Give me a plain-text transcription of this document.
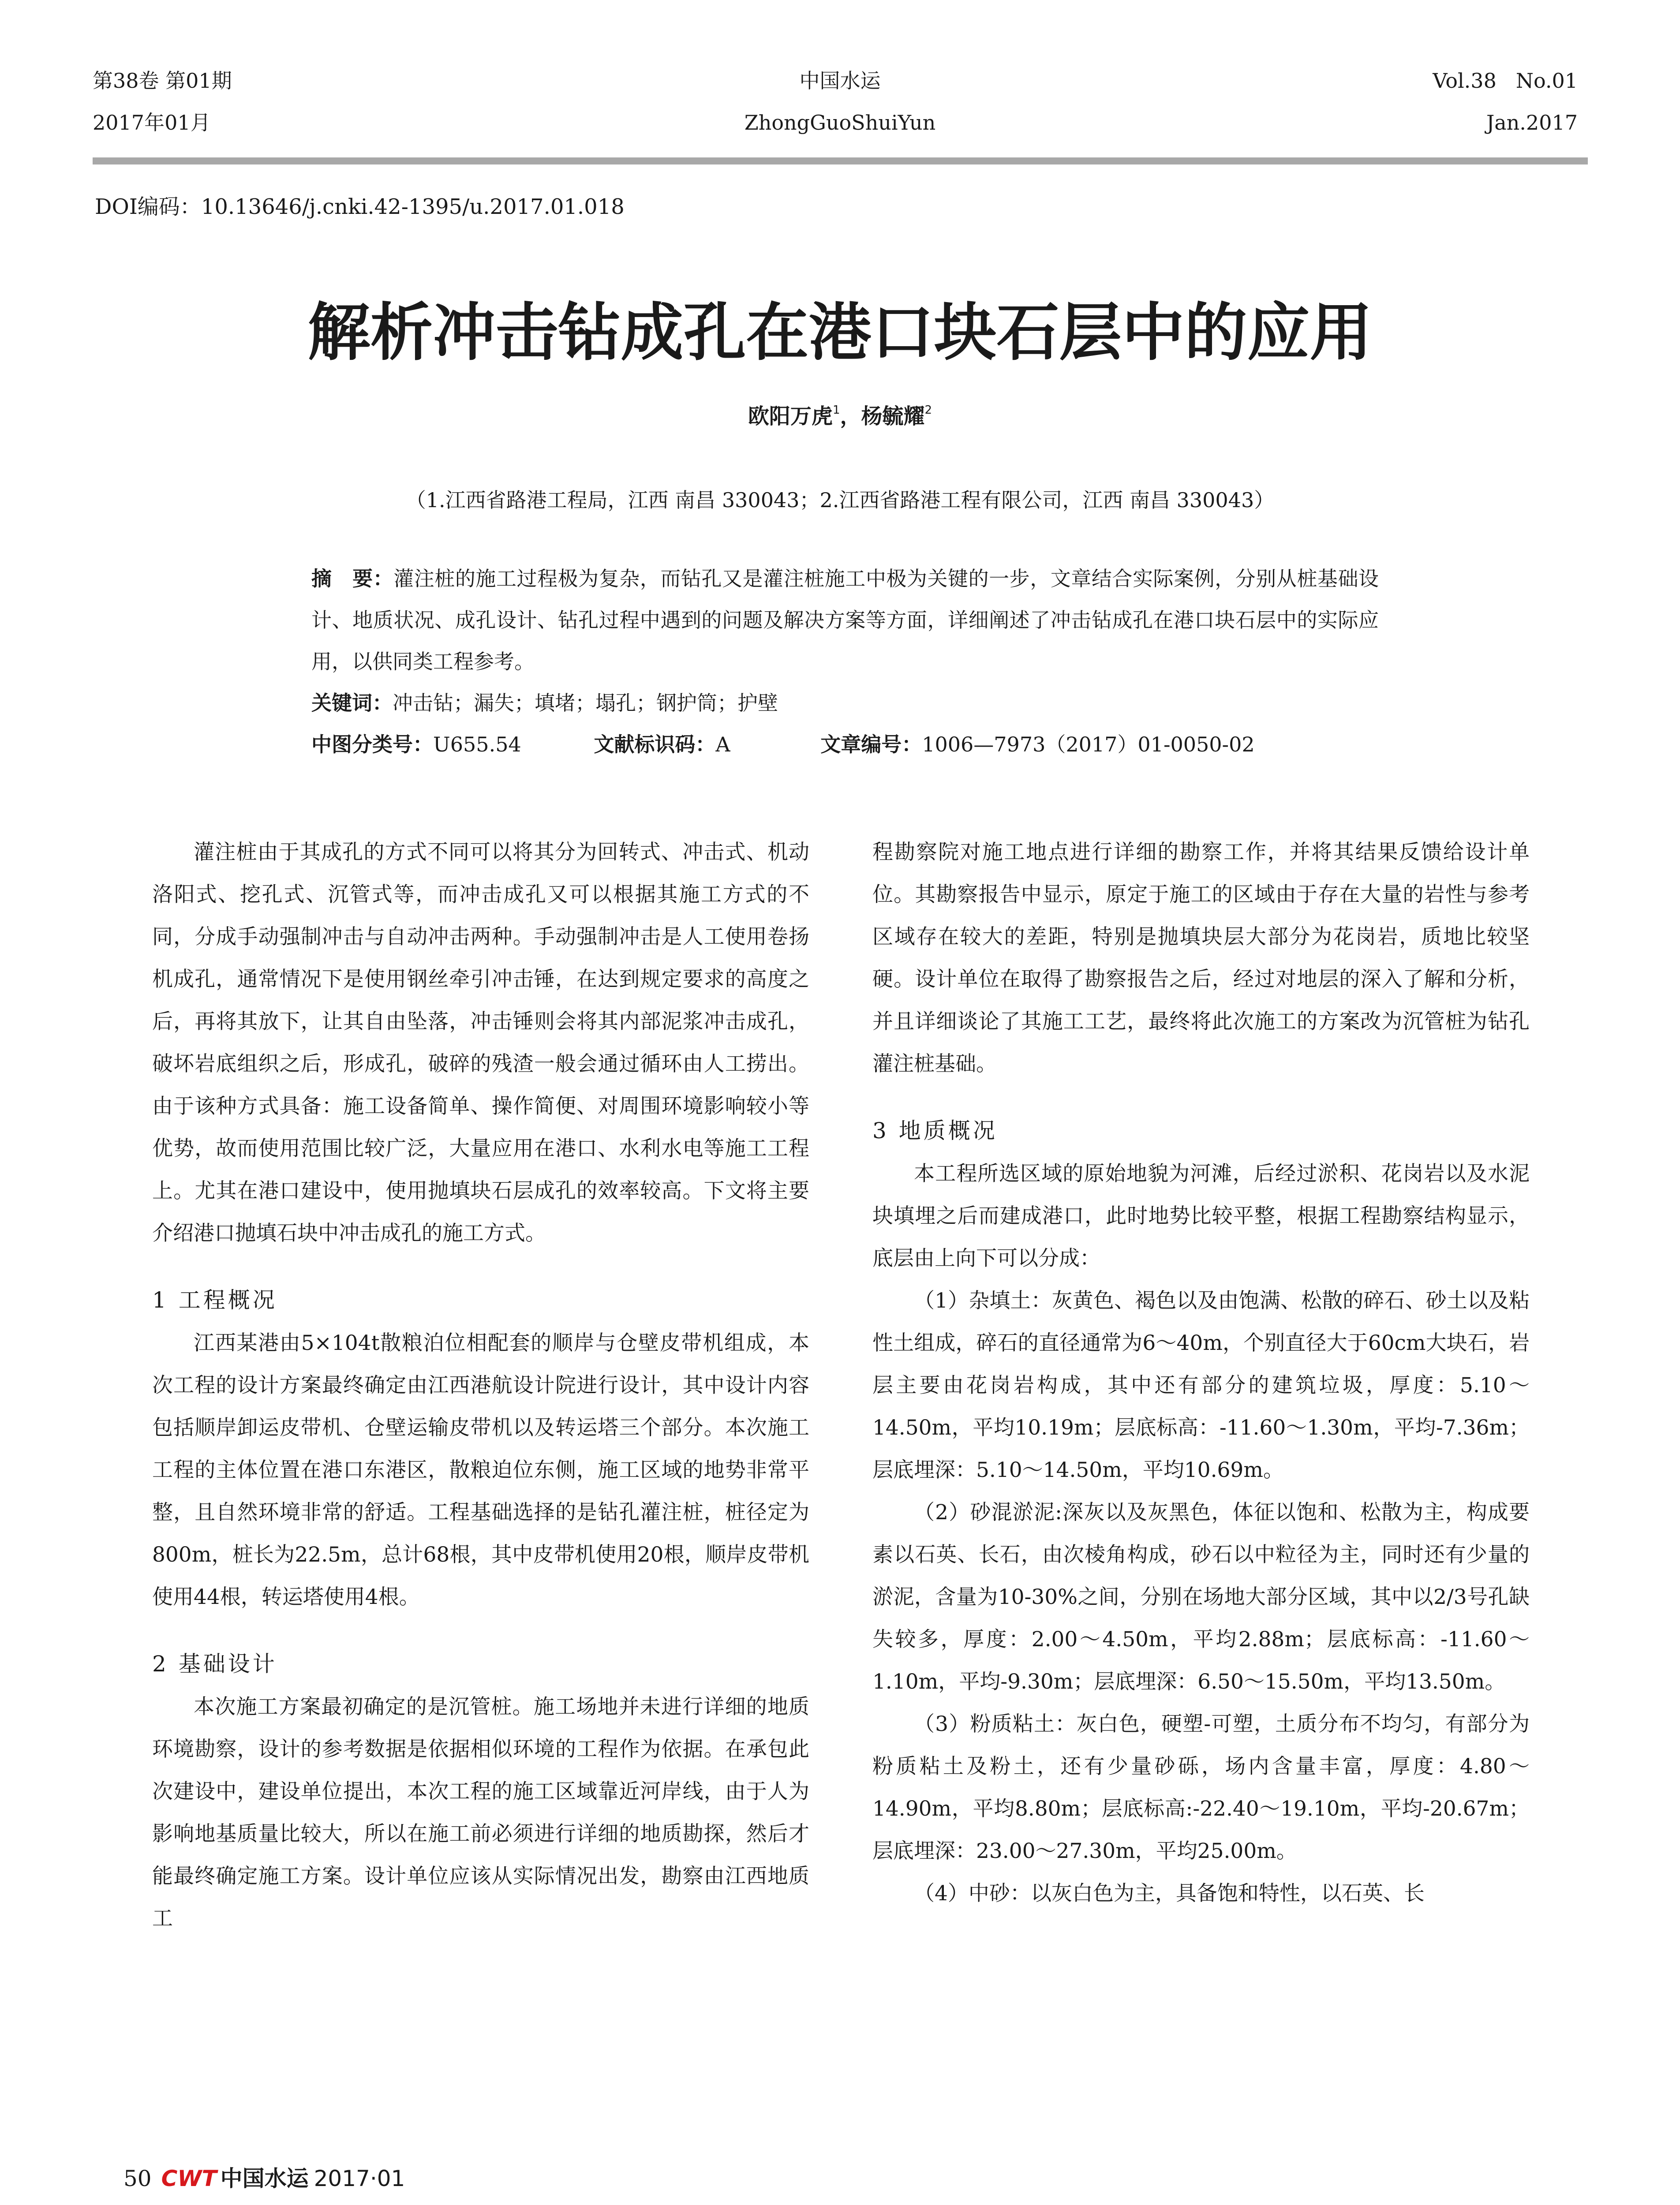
第38卷 第01期
2017年01月
中国水运
ZhongGuoShuiYun
Vol.38   No.01
Jan.2017
DOI编码：10.13646/j.cnki.42-1395/u.2017.01.018
解析冲击钻成孔在港口块石层中的应用
欧阳万虎$^1$，杨毓耀$^2$
（1.江西省路港工程局，江西 南昌 330043；2.江西省路港工程有限公司，江西 南昌 330043）
摘　要：灌注桩的施工过程极为复杂，而钻孔又是灌注桩施工中极为关键的一步，文章结合实际案例，分别从桩基础设计、地质状况、成孔设计、钻孔过程中遇到的问题及解决方案等方面，详细阐述了冲击钻成孔在港口块石层中的实际应用，以供同类工程参考。
关键词：冲击钻；漏失；填堵；塌孔；钢护筒；护壁
中图分类号：U655.54	文献标识码：A	文章编号：1006—7973（2017）01-0050-02

灌注桩由于其成孔的方式不同可以将其分为回转式、冲击式、机动洛阳式、挖孔式、沉管式等，而冲击成孔又可以根据其施工方式的不同，分成手动强制冲击与自动冲击两种。手动强制冲击是人工使用卷扬机成孔，通常情况下是使用钢丝牵引冲击锤，在达到规定要求的高度之后，再将其放下，让其自由坠落，冲击锤则会将其内部泥浆冲击成孔，破坏岩底组织之后，形成孔，破碎的残渣一般会通过循环由人工捞出。由于该种方式具备：施工设备简单、操作简便、对周围环境影响较小等优势，故而使用范围比较广泛，大量应用在港口、水利水电等施工工程上。尤其在港口建设中，使用抛填块石层成孔的效率较高。下文将主要介绍港口抛填石块中冲击成孔的施工方式。

1 工程概况

江西某港由5×104t散粮泊位相配套的顺岸与仓壁皮带机组成，本次工程的设计方案最终确定由江西港航设计院进行设计，其中设计内容包括顺岸卸运皮带机、仓壁运输皮带机以及转运塔三个部分。本次施工工程的主体位置在港口东港区，散粮迫位东侧，施工区域的地势非常平整，且自然环境非常的舒适。工程基础选择的是钻孔灌注桩，桩径定为800m，桩长为22.5m，总计68根，其中皮带机使用20根，顺岸皮带机使用44根，转运塔使用4根。

2 基础设计

本次施工方案最初确定的是沉管桩。施工场地并未进行详细的地质环境勘察，设计的参考数据是依据相似环境的工程作为依据。在承包此次建设中，建设单位提出，本次工程的施工区域靠近河岸线，由于人为影响地基质量比较大，所以在施工前必须进行详细的地质勘探，然后才能最终确定施工方案。设计单位应该从实际情况出发，勘察由江西地质工

程勘察院对施工地点进行详细的勘察工作，并将其结果反馈给设计单位。其勘察报告中显示，原定于施工的区域由于存在大量的岩性与参考区域存在较大的差距，特别是抛填块层大部分为花岗岩，质地比较坚硬。设计单位在取得了勘察报告之后，经过对地层的深入了解和分析，并且详细谈论了其施工工艺，最终将此次施工的方案改为沉管桩为钻孔灌注桩基础。

3 地质概况

本工程所选区域的原始地貌为河滩，后经过淤积、花岗岩以及水泥块填埋之后而建成港口，此时地势比较平整，根据工程勘察结构显示，底层由上向下可以分成：

（1）杂填土：灰黄色、褐色以及由饱满、松散的碎石、砂土以及粘性土组成，碎石的直径通常为6～40m，个别直径大于60cm大块石，岩层主要由花岗岩构成，其中还有部分的建筑垃圾，厚度：5.10～14.50m，平均10.19m；层底标高：-11.60～1.30m，平均-7.36m；层底埋深：5.10～14.50m，平均10.69m。

（2）砂混淤泥:深灰以及灰黑色，体征以饱和、松散为主，构成要素以石英、长石，由次棱角构成，砂石以中粒径为主，同时还有少量的淤泥，含量为10-30%之间，分别在场地大部分区域，其中以2/3号孔缺失较多，厚度：2.00～4.50m，平均2.88m；层底标高：-11.60～1.10m，平均-9.30m；层底埋深：6.50～15.50m，平均13.50m。

（3）粉质粘土：灰白色，硬塑-可塑，土质分布不均匀，有部分为粉质粘土及粉土，还有少量砂砾，场内含量丰富，厚度：4.80～14.90m，平均8.80m；层底标高:-22.40～19.10m，平均-20.67m；层底埋深：23.00～27.30m，平均25.00m。

（4）中砂：以灰白色为主，具备饱和特性，以石英、长

50 CWT 中国水运 2017·01
